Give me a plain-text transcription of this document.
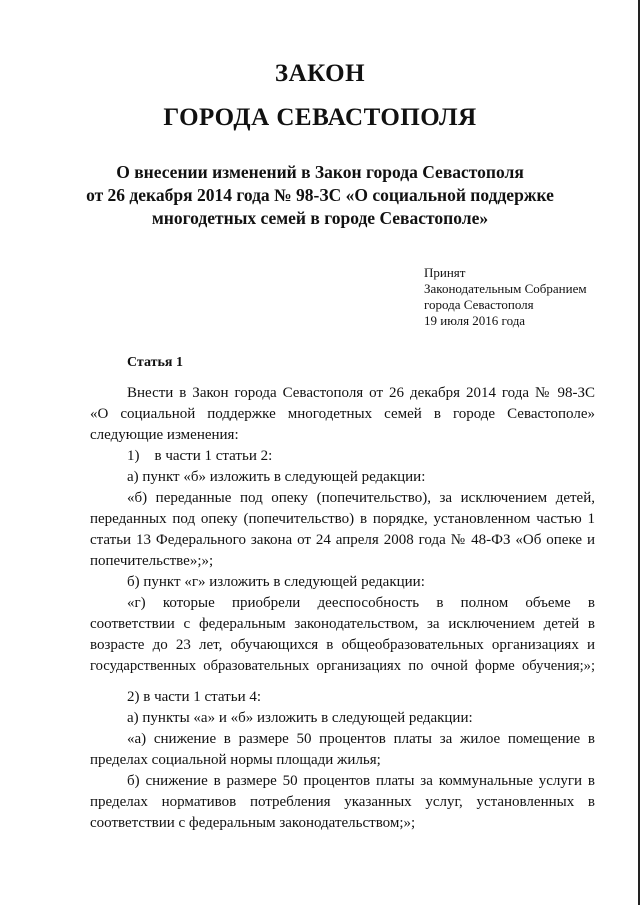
ЗАКОН
ГОРОДА СЕВАСТОПОЛЯ
О внесении изменений в Закон города Севастополя
от 26 декабря 2014 года № 98-ЗС «О социальной поддержке
многодетных семей в городе Севастополе»
Принят
Законодательным Собранием
города Севастополя
19 июля 2016 года
Статья 1
Внести в Закон города Севастополя от 26 декабря 2014 года № 98-ЗС
«О социальной поддержке многодетных семей в городе Севастополе»
следующие изменения:
1)    в части 1 статьи 2:
а) пункт «б» изложить в следующей редакции:
«б) переданные под опеку (попечительство), за исключением детей,
переданных под опеку (попечительство) в порядке, установленном частью 1
статьи 13 Федерального закона от 24 апреля 2008 года № 48-ФЗ «Об опеке и
попечительстве»;»;
б) пункт «г» изложить в следующей редакции:
«г) которые приобрели дееспособность в полном объеме в
соответствии с федеральным законодательством, за исключением детей в
возрасте до 23 лет, обучающихся в общеобразовательных организациях и
государственных образовательных организациях по очной форме обучения;»;
2) в части 1 статьи 4:
а) пункты «а» и «б» изложить в следующей редакции:
«а) снижение в размере 50 процентов платы за жилое помещение в
пределах социальной нормы площади жилья;
б) снижение в размере 50 процентов платы за коммунальные услуги в
пределах нормативов потребления указанных услуг, установленных в
соответствии с федеральным законодательством;»;
